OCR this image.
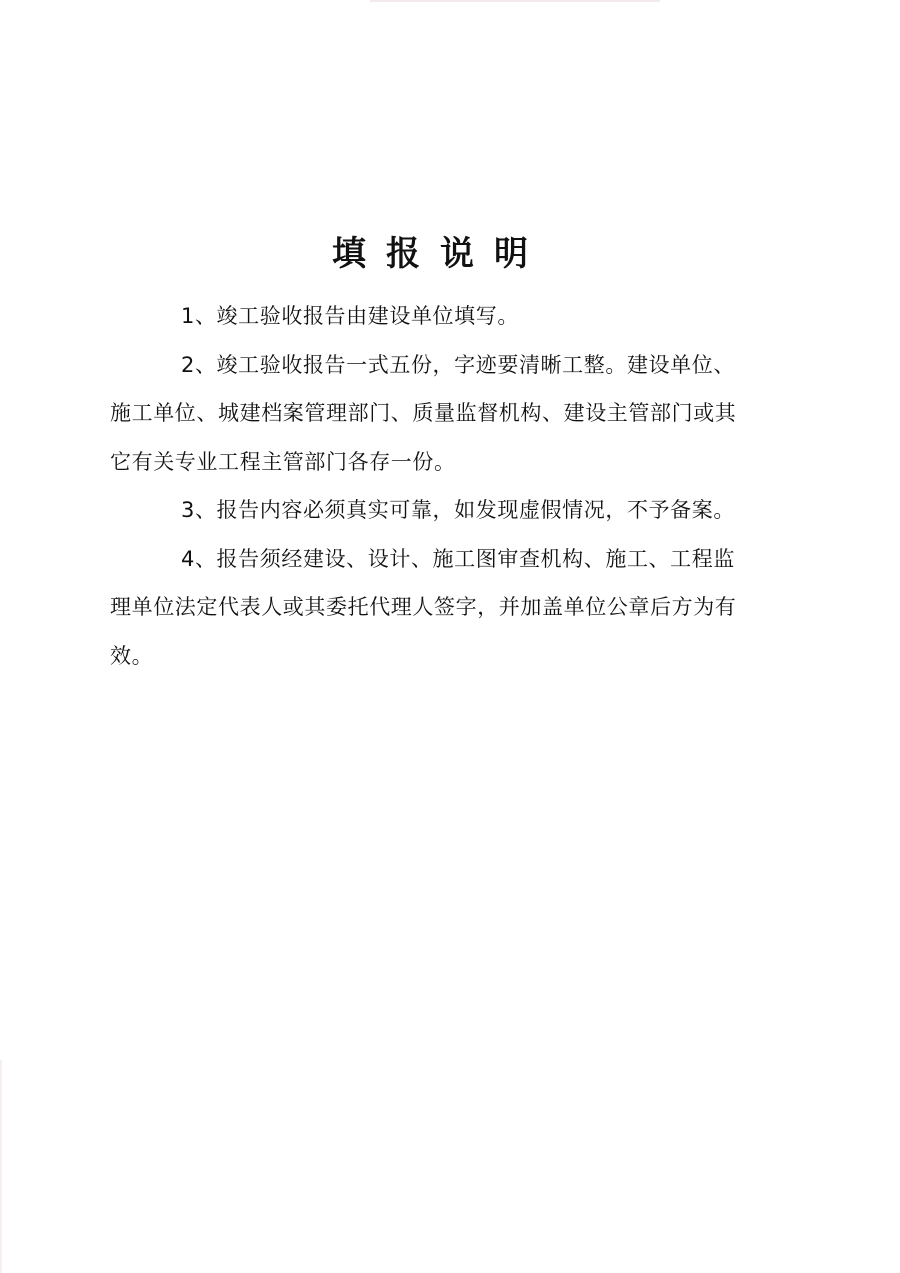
填报说明

1、竣工验收报告由建设单位填写。

2、竣工验收报告一式五份，字迹要清晰工整。建设单位、施工单位、城建档案管理部门、质量监督机构、建设主管部门或其它有关专业工程主管部门各存一份。

3、报告内容必须真实可靠，如发现虚假情况，不予备案。

4、报告须经建设、设计、施工图审查机构、施工、工程监理单位法定代表人或其委托代理人签字，并加盖单位公章后方为有效。
